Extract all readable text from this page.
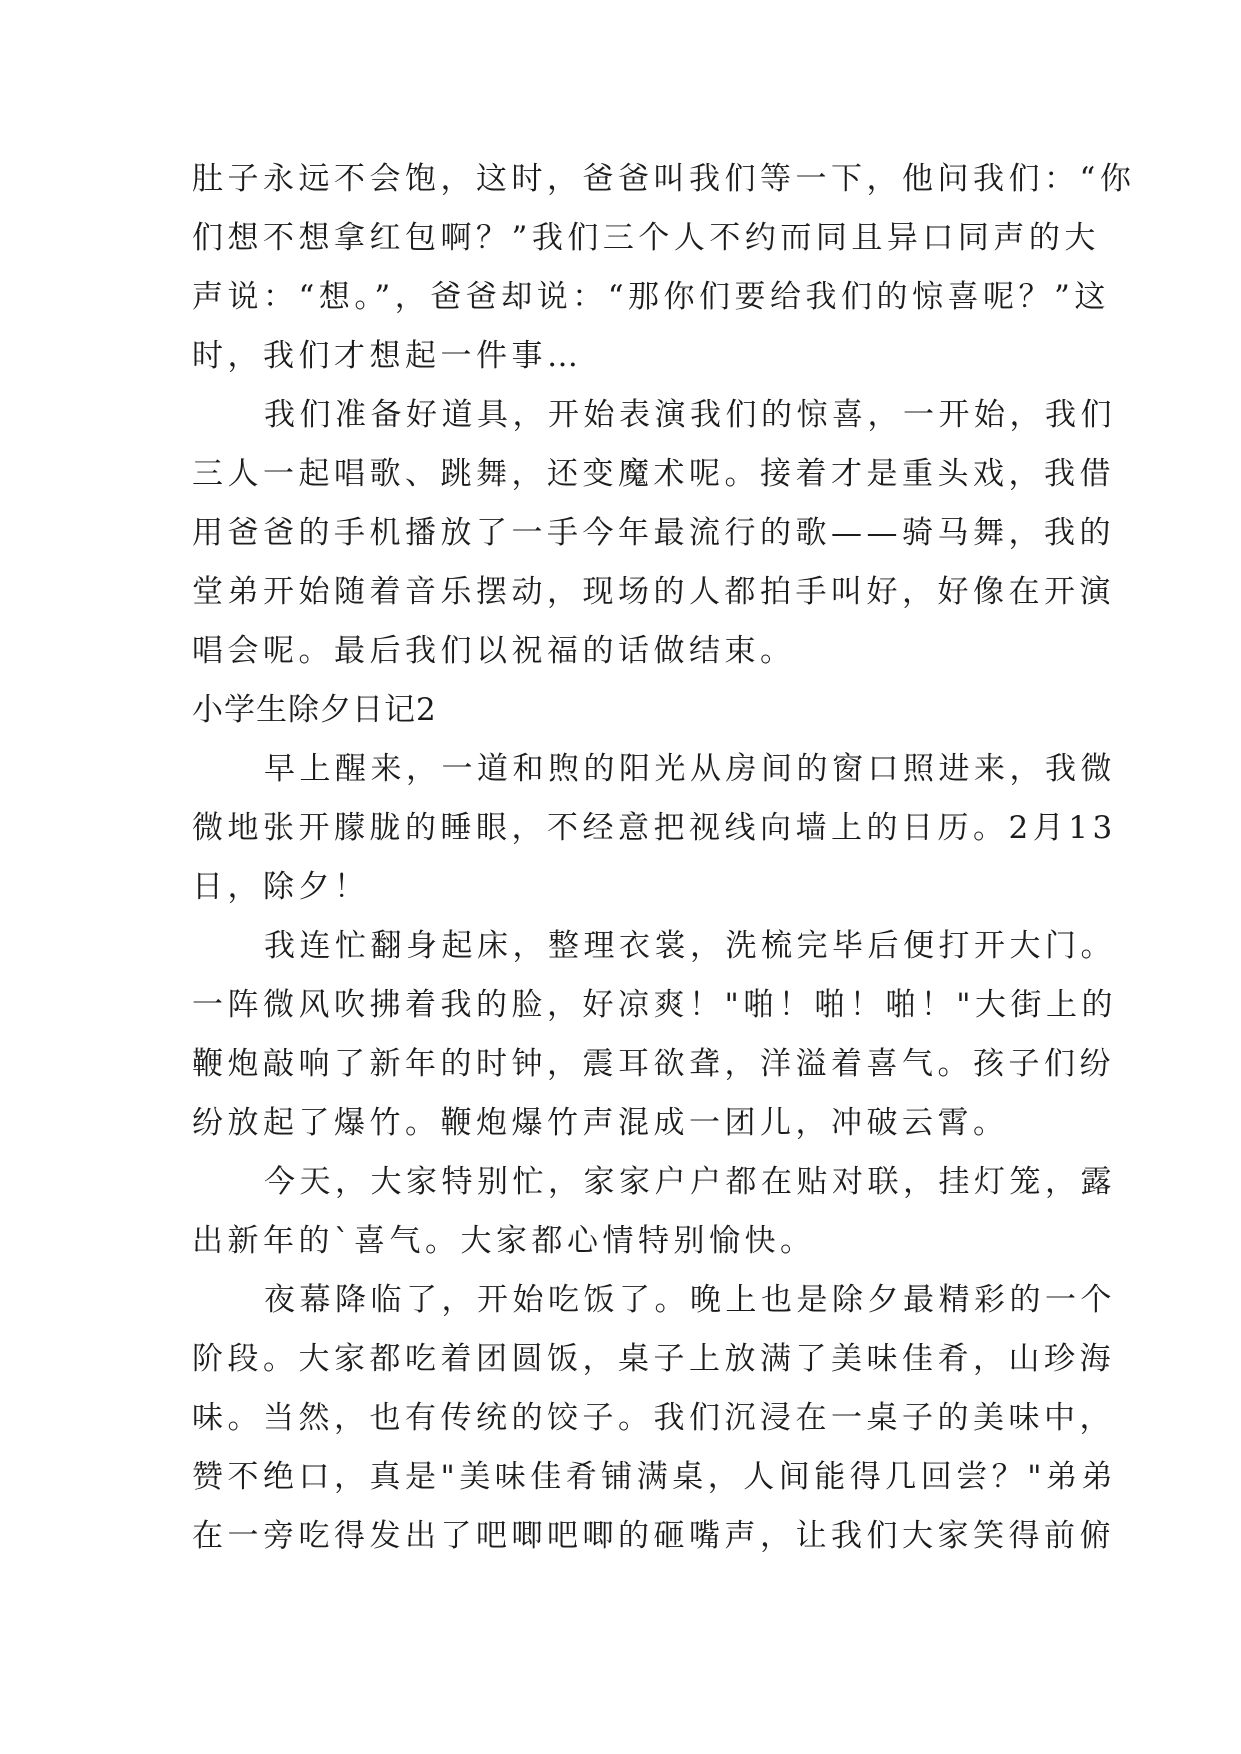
肚子永远不会饱，这时，爸爸叫我们等一下，他问我们：“你
们想不想拿红包啊？”我们三个人不约而同且异口同声的大
声说：“想。”，爸爸却说：“那你们要给我们的惊喜呢？”这
时，我们才想起一件事…
我们准备好道具，开始表演我们的惊喜，一开始，我们
三人一起唱歌、跳舞，还变魔术呢。接着才是重头戏，我借
用爸爸的手机播放了一手今年最流行的歌——骑马舞，我的
堂弟开始随着音乐摆动，现场的人都拍手叫好，好像在开演
唱会呢。最后我们以祝福的话做结束。
小学生除夕日记2
早上醒来，一道和煦的阳光从房间的窗口照进来，我微
微地张开朦胧的睡眼，不经意把视线向墙上的日历。2月13
日，除夕！
我连忙翻身起床，整理衣裳，洗梳完毕后便打开大门。
一阵微风吹拂着我的脸，好凉爽！"啪！啪！啪！"大街上的
鞭炮敲响了新年的时钟，震耳欲聋，洋溢着喜气。孩子们纷
纷放起了爆竹。鞭炮爆竹声混成一团儿，冲破云霄。
今天，大家特别忙，家家户户都在贴对联，挂灯笼，露
出新年的`喜气。大家都心情特别愉快。
夜幕降临了，开始吃饭了。晚上也是除夕最精彩的一个
阶段。大家都吃着团圆饭，桌子上放满了美味佳肴，山珍海
味。当然，也有传统的饺子。我们沉浸在一桌子的美味中，
赞不绝口，真是"美味佳肴铺满桌，人间能得几回尝？"弟弟
在一旁吃得发出了吧唧吧唧的砸嘴声，让我们大家笑得前俯
